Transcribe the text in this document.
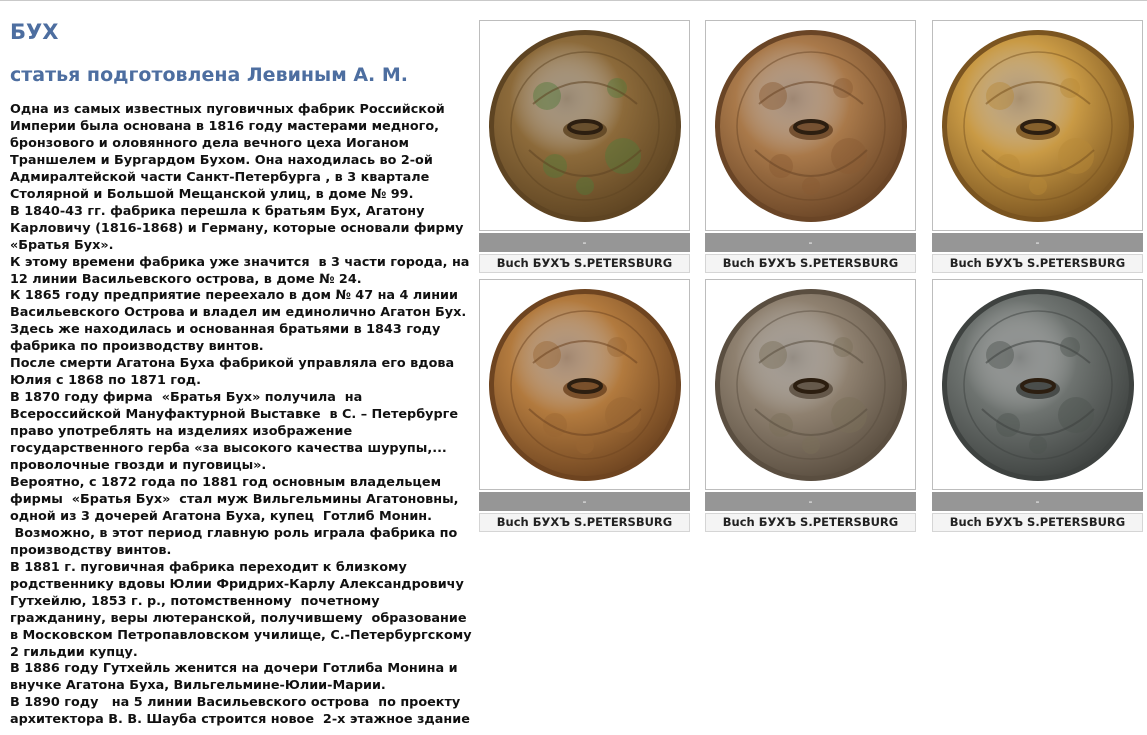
БУХ
статья подготовлена Левиным А. М.

Одна из самых известных пуговичных фабрик Российской Империи была основана в 1816 году мастерами медного, бронзового и оловянного дела вечного цеха Иоганом Траншелем и Бургардом Бухом. Она находилась во 2-ой Адмиралтейской части Санкт-Петербурга , в 3 квартале Столярной и Большой Мещанской улиц, в доме № 99.

В 1840-43 гг. фабрика перешла к братьям Бух, Агатону Карловичу (1816-1868) и Герману, которые основали фирму «Братья Бух».

К этому времени фабрика уже значится  в 3 части города, на 12 линии Васильевского острова, в доме № 24.

К 1865 году предприятие переехало в дом № 47 на 4 линии Васильевского Острова и владел им единолично Агатон Бух. Здесь же находилась и основанная братьями в 1843 году фабрика по производству винтов.

После смерти Агатона Буха фабрикой управляла его вдова Юлия с 1868 по 1871 год.

В 1870 году фирма  «Братья Бух» получила  на Всероссийской Мануфактурной Выставке  в С. – Петербурге право употреблять на изделиях изображение государственного герба «за высокого качества шурупы,... проволочные гвозди и пуговицы».

Вероятно, с 1872 года по 1881 год основным владельцем фирмы  «Братья Бух»  стал муж Вильгельмины Агатоновны, одной из 3 дочерей Агатона Буха, купец  Готлиб Монин.

Возможно, в этот период главную роль играла фабрика по производству винтов.

В 1881 г. пуговичная фабрика переходит к близкому родственнику вдовы Юлии Фридрих-Карлу Александровичу Гутхейлю, 1853 г. р., потомственному  почетному гражданину, веры лютеранской, получившему  образование в Московском Петропавловском училище, С.-Петербургскому  2 гильдии купцу.

В 1886 году Гутхейль женится на дочери Готлиба Монина и внучке Агатона Буха, Вильгельмине-Юлии-Марии.

В 1890 году   на 5 линии Васильевского острова  по проекту архитектора В. В. Шауба строится новое  2-х этажное здание

-
Buch БУХЪ S.PETERSBURG
-
Buch БУХЪ S.PETERSBURG
-
Buch БУХЪ S.PETERSBURG
-
Buch БУХЪ S.PETERSBURG
-
Buch БУХЪ S.PETERSBURG
-
Buch БУХЪ S.PETERSBURG
